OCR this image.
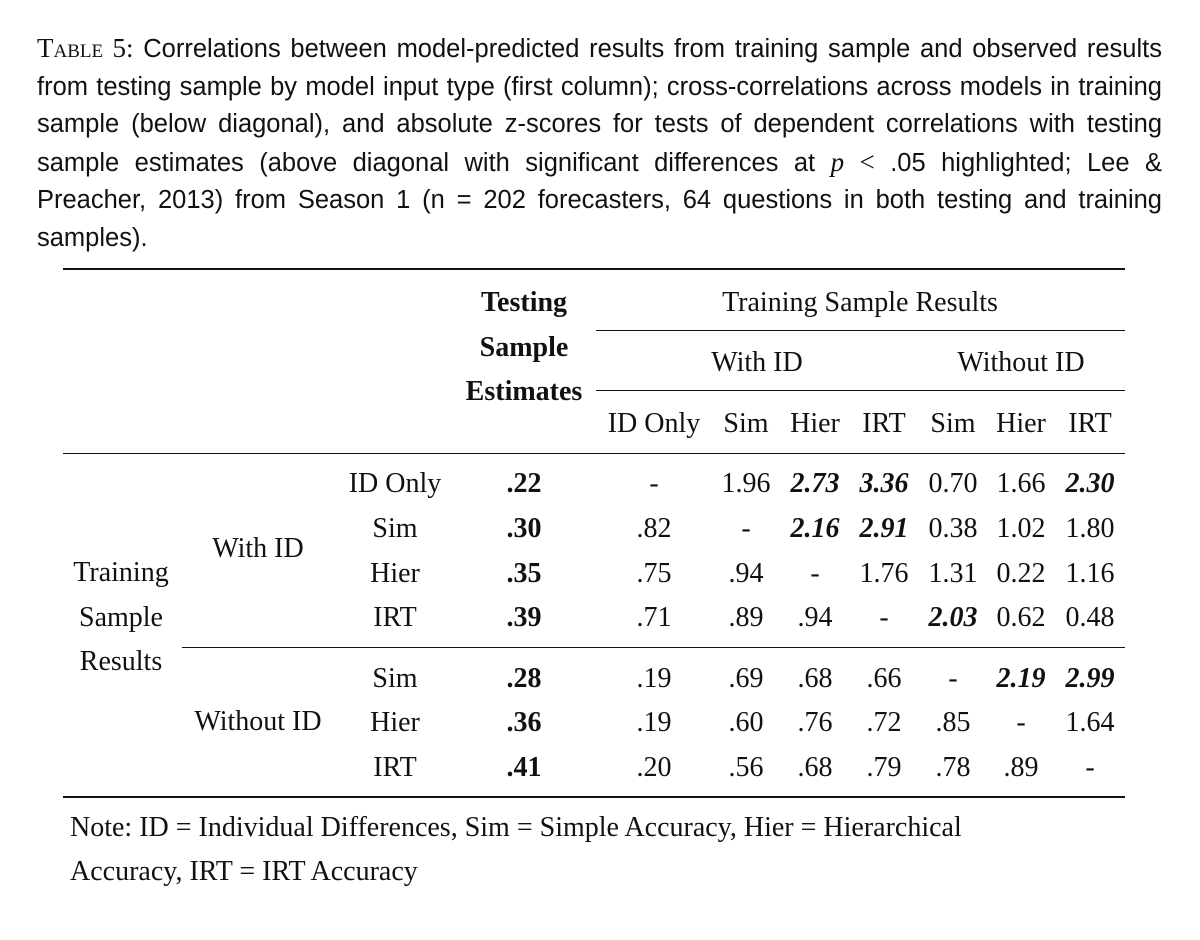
Table 5: Correlations between model-predicted results from training sample and observed results from testing sample by model input type (first column); cross-correlations across models in training sample (below diagonal), and absolute z-scores for tests of dependent correlations with testing sample estimates (above diagonal with significant differences at p < .05 highlighted; Lee & Preacher, 2013) from Season 1 (n = 202 forecasters, 64 questions in both testing and training samples).
Testing
Sample
Estimates
Training Sample Results
With ID	Without ID
ID Only Sim Hier IRT Sim Hier IRT
Training
Sample
Results
With ID
Without ID
ID Only .22	- 1.96 2.73 3.36 0.70 1.66 2.30
Sim	.30	.82 - 2.16 2.91 0.38 1.02 1.80
Hier	.35	.75 .94 - 1.76 1.31 0.22 1.16
IRT	.39	.71 .89 .94 - 2.03 0.62 0.48
Sim	.28	.19 .69 .68 .66 - 2.19 2.99
Hier	.36	.19 .60 .76 .72 .85 - 1.64
IRT	.41	.20 .56 .68 .79 .78 .89 -
Note: ID = Individual Differences, Sim = Simple Accuracy, Hier = Hierarchical
Accuracy, IRT = IRT Accuracy
